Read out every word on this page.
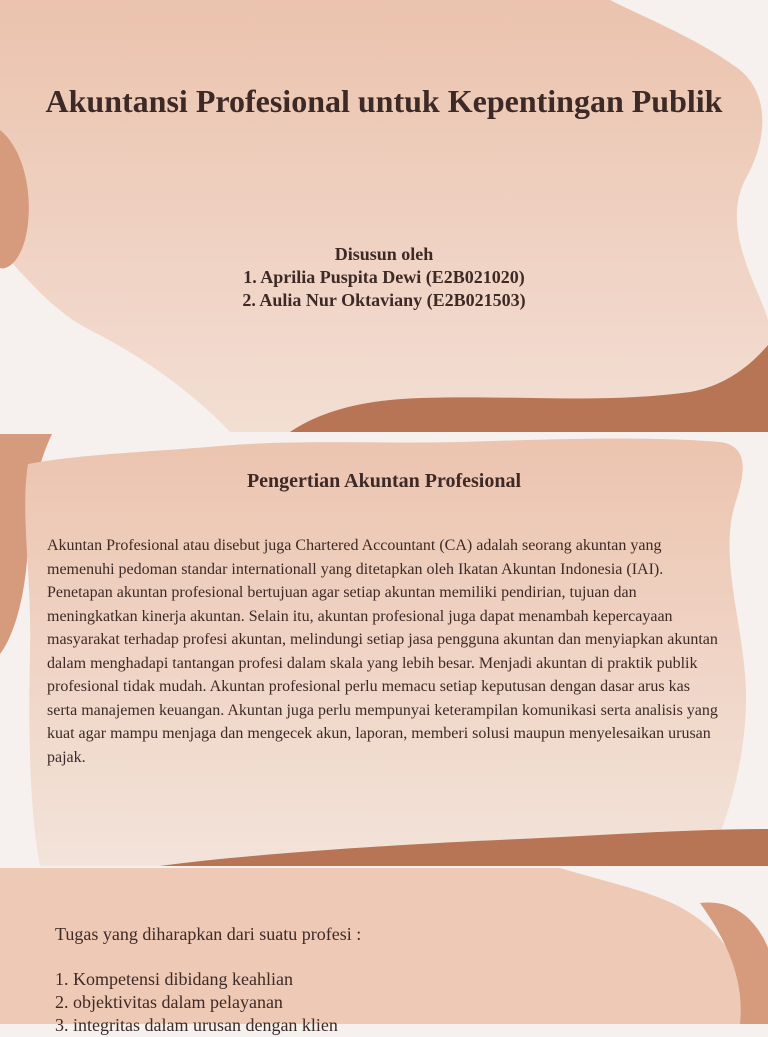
Akuntansi Profesional untuk Kepentingan Publik
Disusun oleh
1. Aprilia Puspita Dewi (E2B021020)
2. Aulia Nur Oktaviany (E2B021503)
Pengertian Akuntan Profesional

Akuntan Profesional atau disebut juga Chartered Accountant (CA) adalah seorang akuntan yang memenuhi pedoman standar internationall yang ditetapkan oleh Ikatan Akuntan Indonesia (IAI). Penetapan akuntan profesional bertujuan agar setiap akuntan memiliki pendirian, tujuan dan meningkatkan kinerja akuntan. Selain itu, akuntan profesional juga dapat menambah kepercayaan masyarakat terhadap profesi akuntan, melindungi setiap jasa pengguna akuntan dan menyiapkan akuntan dalam menghadapi tantangan profesi dalam skala yang lebih besar. Menjadi akuntan di praktik publik profesional tidak mudah. Akuntan profesional perlu memacu setiap keputusan dengan dasar arus kas serta manajemen keuangan. Akuntan juga perlu mempunyai keterampilan komunikasi serta analisis yang kuat agar mampu menjaga dan mengecek akun, laporan, memberi solusi maupun menyelesaikan urusan pajak.

Tugas yang diharapkan dari suatu profesi :

1. Kompetensi dibidang keahlian
2. objektivitas dalam pelayanan
3. integritas dalam urusan dengan klien
